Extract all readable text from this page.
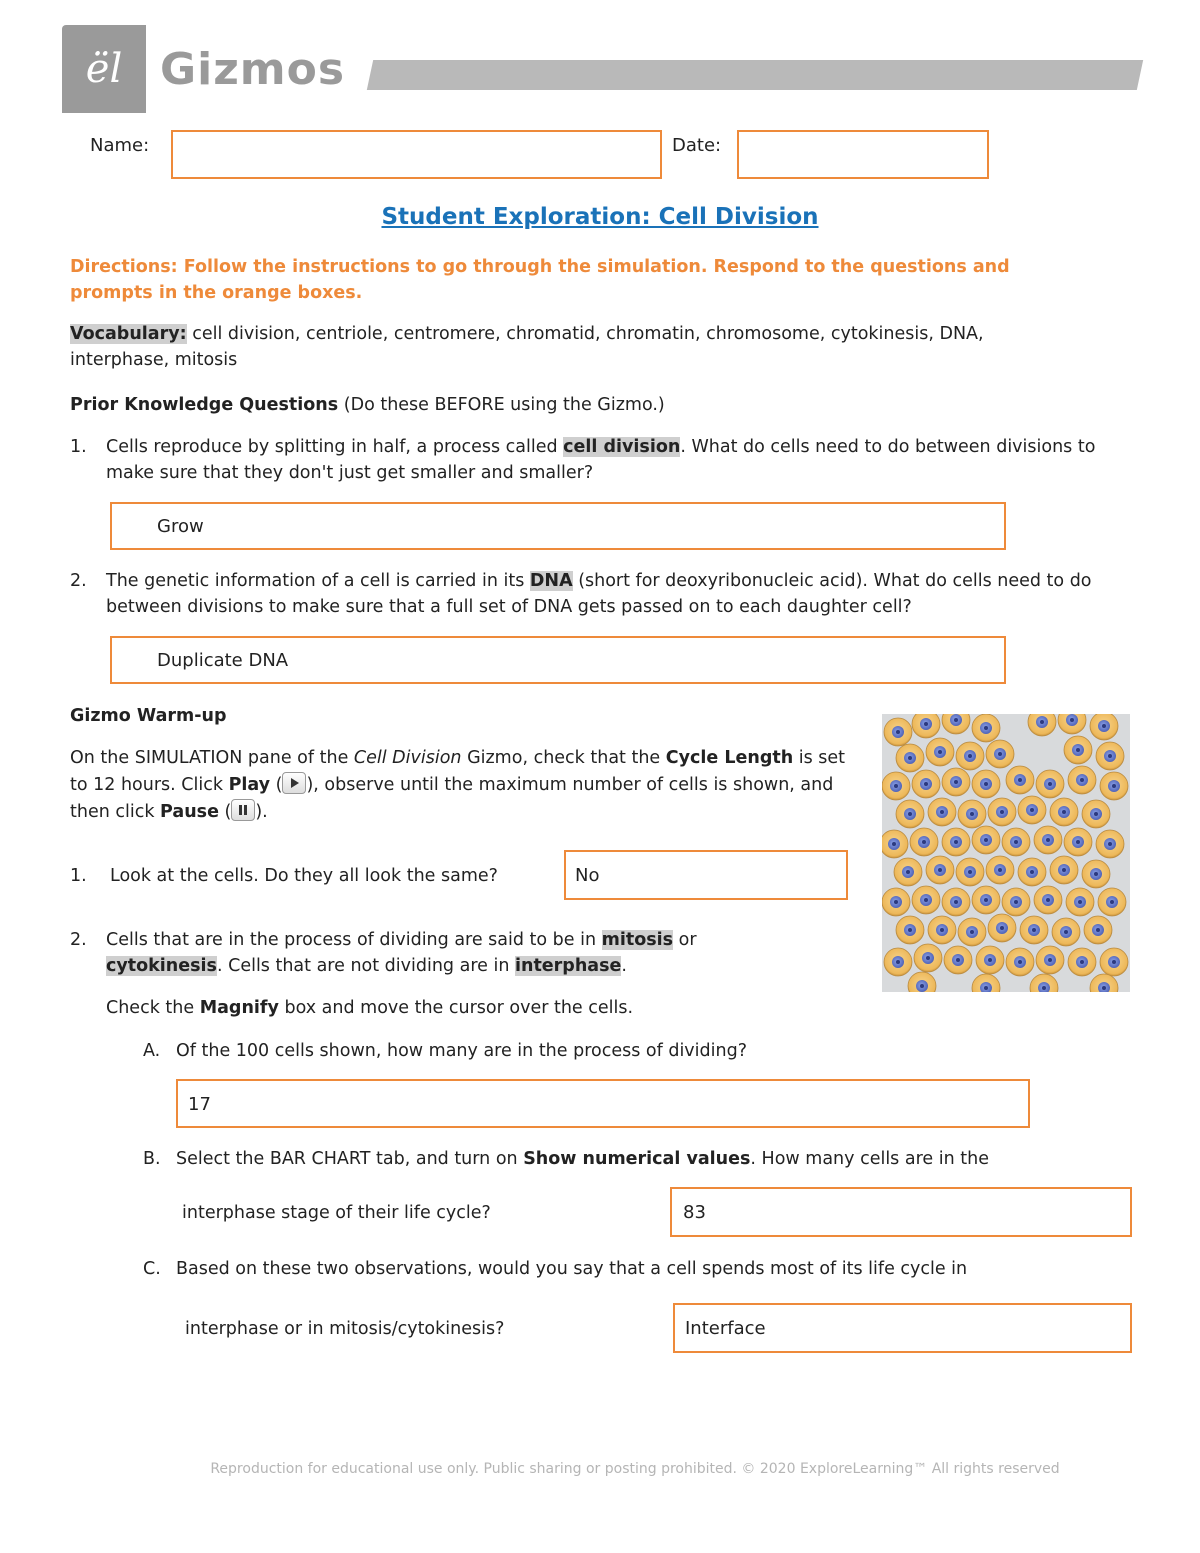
ël Gizmos
Name:	Date:
Student Exploration: Cell Division
Directions: Follow the instructions to go through the simulation. Respond to the questions and prompts in the orange boxes.
Vocabulary: cell division, centriole, centromere, chromatid, chromatin, chromosome, cytokinesis, DNA, interphase, mitosis
Prior Knowledge Questions (Do these BEFORE using the Gizmo.)
1. Cells reproduce by splitting in half, a process called cell division. What do cells need to do between divisions to make sure that they don't just get smaller and smaller?
Grow
2. The genetic information of a cell is carried in its DNA (short for deoxyribonucleic acid). What do cells need to do between divisions to make sure that a full set of DNA gets passed on to each daughter cell?
Duplicate DNA
Gizmo Warm-up
On the SIMULATION pane of the Cell Division Gizmo, check that the Cycle Length is set to 12 hours. Click Play ( ), observe until the maximum number of cells is shown, and then click Pause ( ).
1. Look at the cells. Do they all look the same?	No
2. Cells that are in the process of dividing are said to be in mitosis or cytokinesis. Cells that are not dividing are in interphase.
Check the Magnify box and move the cursor over the cells.
A. Of the 100 cells shown, how many are in the process of dividing?
17
B. Select the BAR CHART tab, and turn on Show numerical values. How many cells are in the
interphase stage of their life cycle?	83
C. Based on these two observations, would you say that a cell spends most of its life cycle in
interphase or in mitosis/cytokinesis?	Interface
Reproduction for educational use only. Public sharing or posting prohibited. © 2020 ExploreLearning™ All rights reserved
